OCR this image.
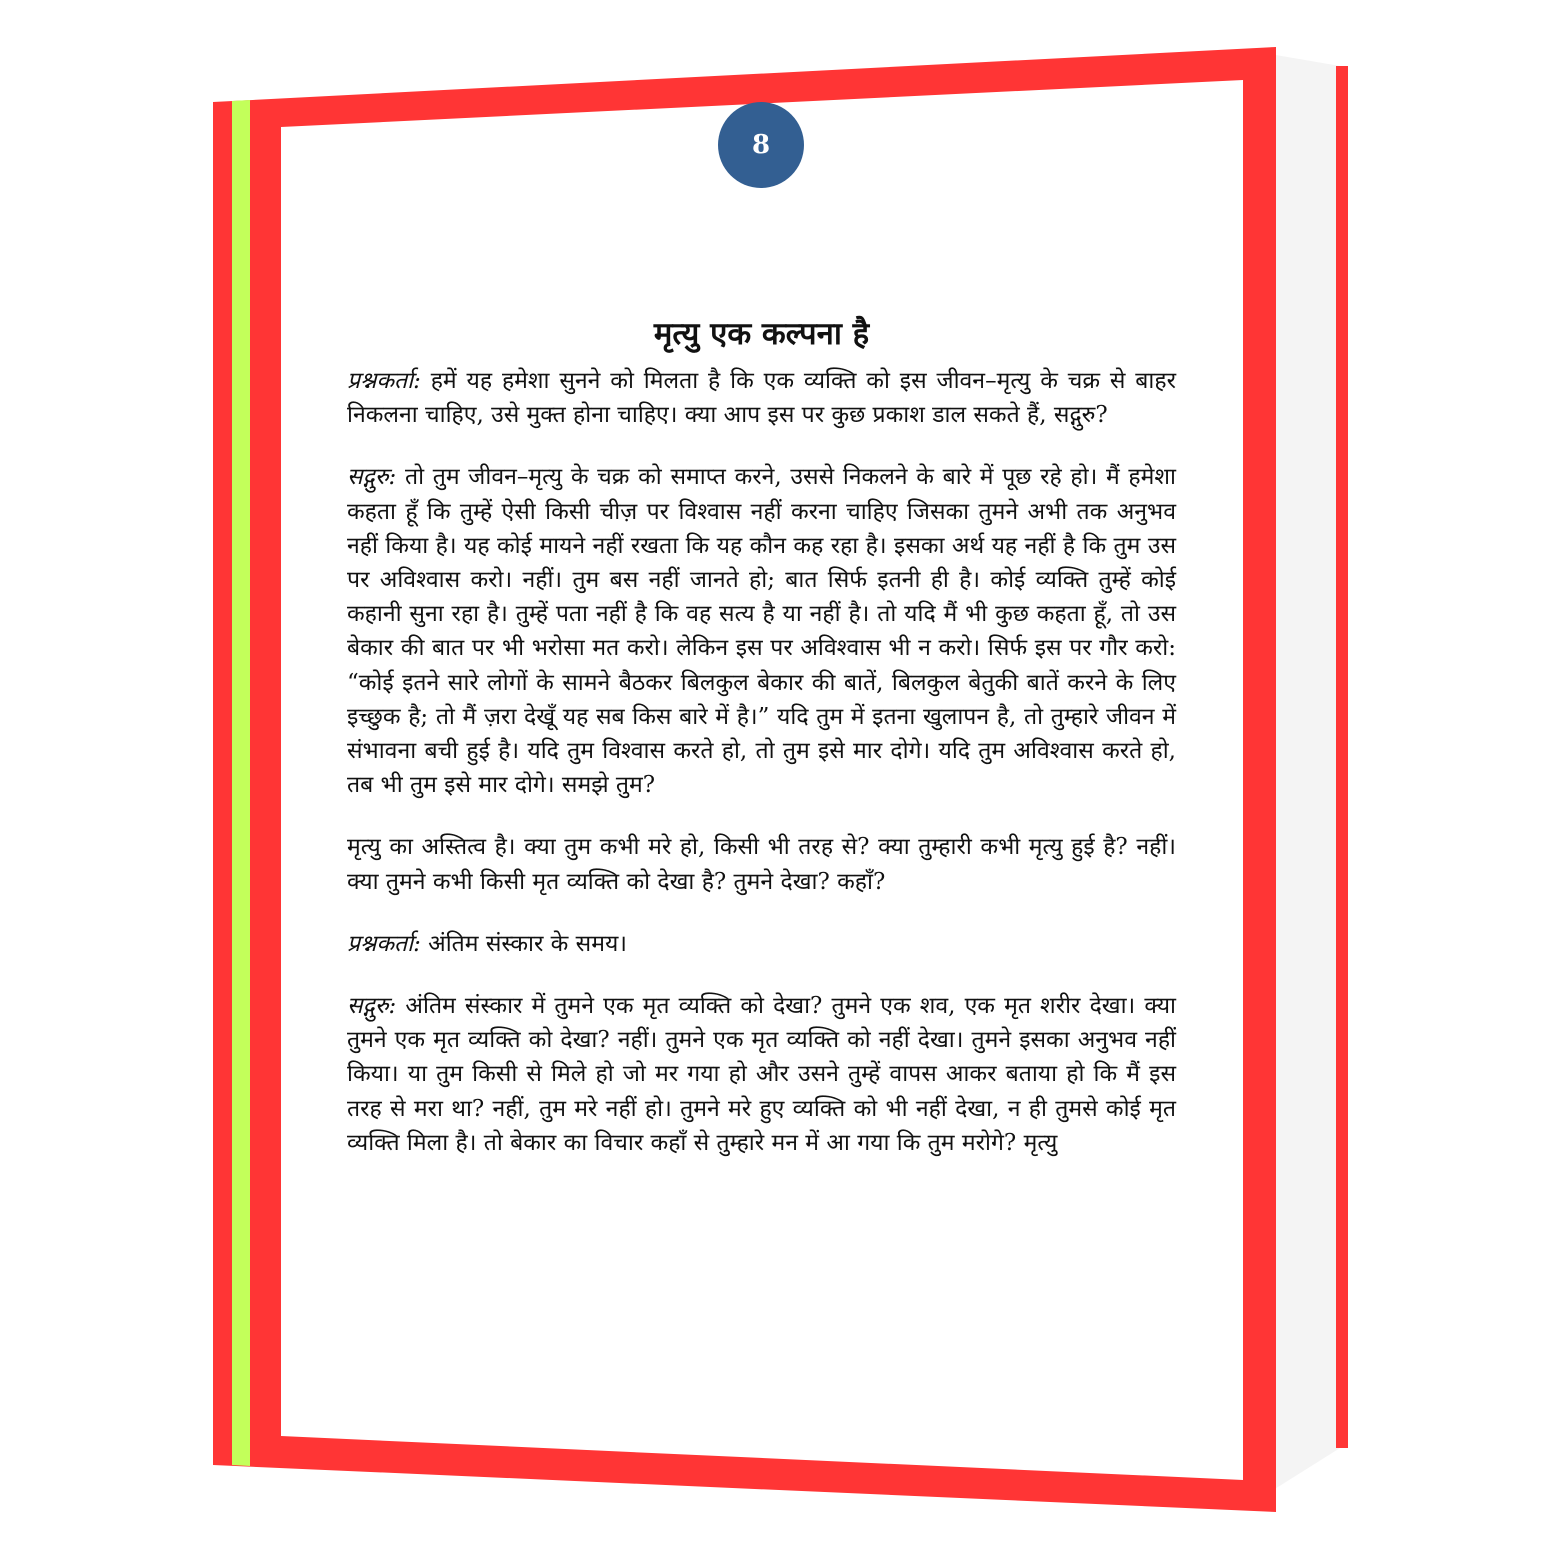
8
मृत्यु एक कल्पना है

प्रश्नकर्ता: हमें यह हमेशा सुनने को मिलता है कि एक व्यक्ति को इस जीवन–मृत्यु के चक्र से बाहर निकलना चाहिए, उसे मुक्त होना चाहिए। क्या आप इस पर कुछ प्रकाश डाल सकते हैं, सद्गुरु?

सद्गुरु: तो तुम जीवन–मृत्यु के चक्र को समाप्त करने, उससे निकलने के बारे में पूछ रहे हो। मैं हमेशा कहता हूँ कि तुम्हें ऐसी किसी चीज़ पर विश्वास नहीं करना चाहिए जिसका तुमने अभी तक अनुभव नहीं किया है। यह कोई मायने नहीं रखता कि यह कौन कह रहा है। इसका अर्थ यह नहीं है कि तुम उस पर अविश्वास करो। नहीं। तुम बस नहीं जानते हो; बात सिर्फ इतनी ही है। कोई व्यक्ति तुम्हें कोई कहानी सुना रहा है। तुम्हें पता नहीं है कि वह सत्य है या नहीं है। तो यदि मैं भी कुछ कहता हूँ, तो उस बेकार की बात पर भी भरोसा मत करो। लेकिन इस पर अविश्वास भी न करो। सिर्फ इस पर गौर करो: “कोई इतने सारे लोगों के सामने बैठकर बिलकुल बेकार की बातें, बिलकुल बेतुकी बातें करने के लिए इच्छुक है; तो मैं ज़रा देखूँ यह सब किस बारे में है।” यदि तुम में इतना खुलापन है, तो तुम्हारे जीवन में संभावना बची हुई है। यदि तुम विश्वास करते हो, तो तुम इसे मार दोगे। यदि तुम अविश्वास करते हो, तब भी तुम इसे मार दोगे। समझे तुम?

मृत्यु का अस्तित्व है। क्या तुम कभी मरे हो, किसी भी तरह से? क्या तुम्हारी कभी मृत्यु हुई है? नहीं। क्या तुमने कभी किसी मृत व्यक्ति को देखा है? तुमने देखा? कहाँ?

प्रश्नकर्ता: अंतिम संस्कार के समय।

सद्गुरु: अंतिम संस्कार में तुमने एक मृत व्यक्ति को देखा? तुमने एक शव, एक मृत शरीर देखा। क्या तुमने एक मृत व्यक्ति को देखा? नहीं। तुमने एक मृत व्यक्ति को नहीं देखा। तुमने इसका अनुभव नहीं किया। या तुम किसी से मिले हो जो मर गया हो और उसने तुम्हें वापस आकर बताया हो कि मैं इस तरह से मरा था? नहीं, तुम मरे नहीं हो। तुमने मरे हुए व्यक्ति को भी नहीं देखा, न ही तुमसे कोई मृत व्यक्ति मिला है। तो बेकार का विचार कहाँ से तुम्हारे मन में आ गया कि तुम मरोगे? मृत्यु
